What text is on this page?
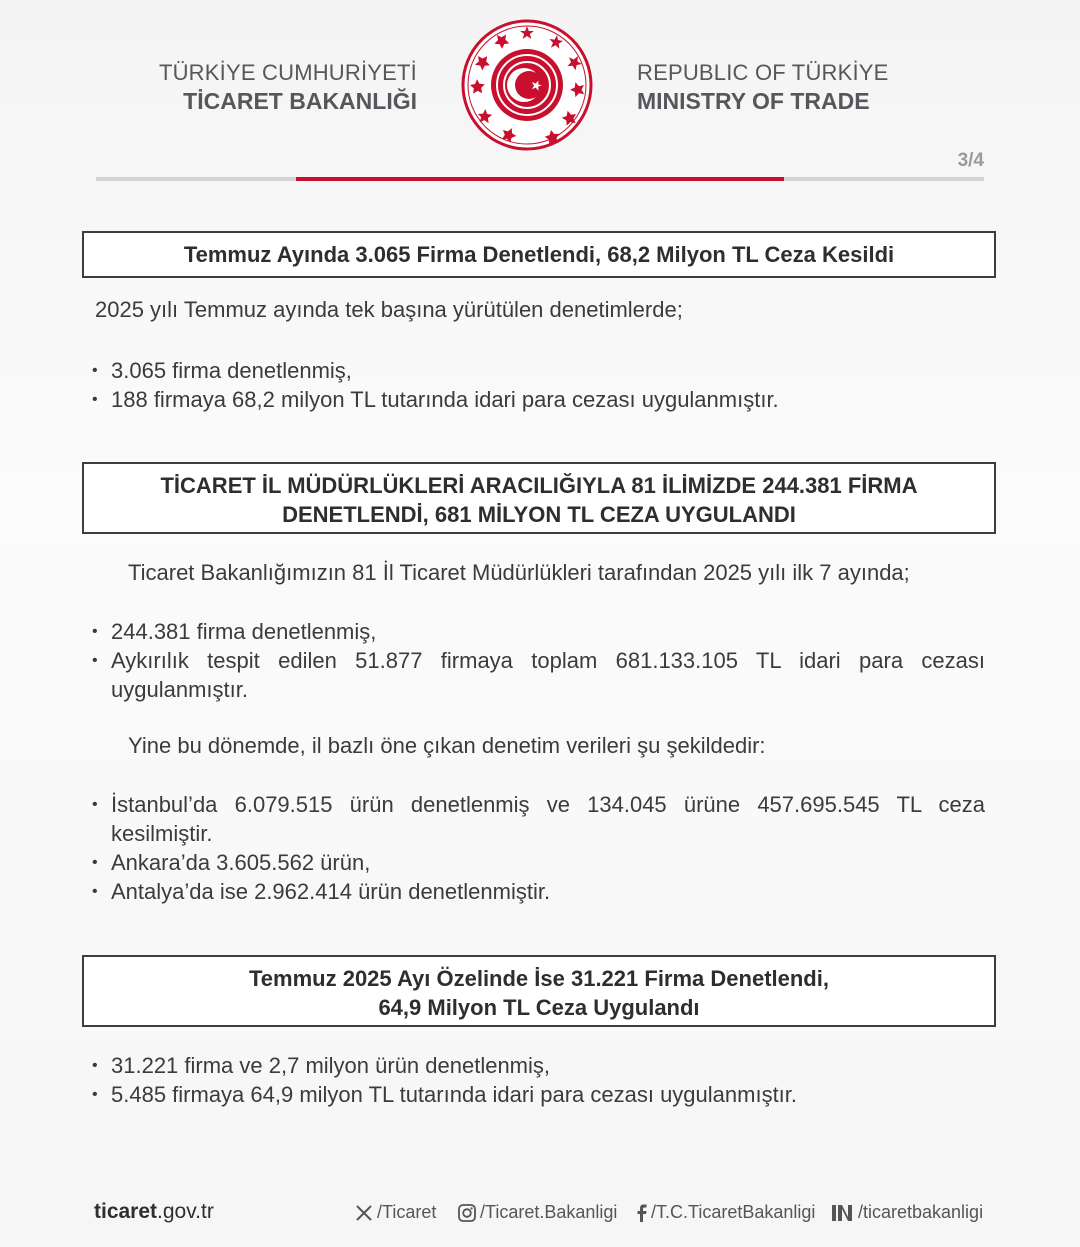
TÜRKİYE CUMHURİYETİ
TİCARET BAKANLIĞI
REPUBLIC OF TÜRKİYE
MINISTRY OF TRADE
3/4
Temmuz Ayında 3.065 Firma Denetlendi, 68,2 Milyon TL Ceza Kesildi
2025 yılı Temmuz ayında tek başına yürütülen denetimlerde;
• 3.065 firma denetlenmiş,
• 188 firmaya 68,2 milyon TL tutarında idari para cezası uygulanmıştır.
TİCARET İL MÜDÜRLÜKLERİ ARACILIĞIYLA 81 İLİMİZDE 244.381 FİRMA
DENETLENDİ, 681 MİLYON TL CEZA UYGULANDI
Ticaret Bakanlığımızın 81 İl Ticaret Müdürlükleri tarafından 2025 yılı ilk 7 ayında;
• 244.381 firma denetlenmiş,
• Aykırılık tespit edilen 51.877 firmaya toplam 681.133.105 TL idari para cezası uygulanmıştır.
Yine bu dönemde, il bazlı öne çıkan denetim verileri şu şekildedir:
• İstanbul’da 6.079.515 ürün denetlenmiş ve 134.045 ürüne 457.695.545 TL ceza kesilmiştir.
• Ankara’da 3.605.562 ürün,
• Antalya’da ise 2.962.414 ürün denetlenmiştir.
Temmuz 2025 Ayı Özelinde İse 31.221 Firma Denetlendi,
64,9 Milyon TL Ceza Uygulandı
• 31.221 firma ve 2,7 milyon ürün denetlenmiş,
• 5.485 firmaya 64,9 milyon TL tutarında idari para cezası uygulanmıştır.
ticaret.gov.tr	/Ticaret /Ticaret.Bakanligi /T.C.TicaretBakanligi /ticaretbakanligi
